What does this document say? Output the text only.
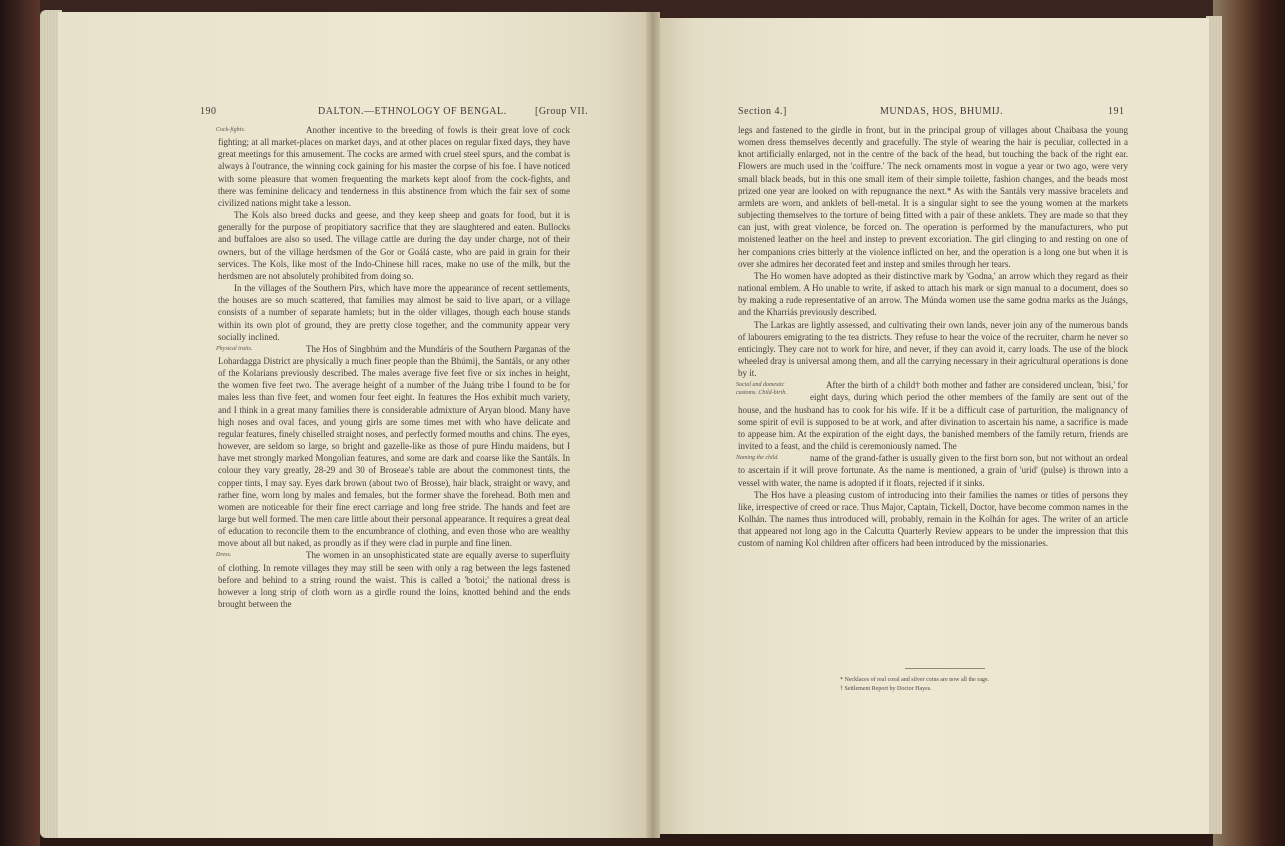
190	DALTON.—ETHNOLOGY OF BENGAL.	[Group VII.

Cock-fights.	Another incentive to the breeding of fowls is their great love of cock fighting; at all market-places on market days, and at other places on regular fixed days, they have great meetings for this amusement. The cocks are armed with cruel steel spurs, and the combat is always à l'outrance, the winning cock gaining for his master the corpse of his foe. I have noticed with some pleasure that women frequenting the markets kept aloof from the cock-fights, and there was feminine delicacy and tenderness in this abstinence from which the fair sex of some civilized nations might take a lesson.

The Kols also breed ducks and geese, and they keep sheep and goats for food, but it is generally for the purpose of propitiatory sacrifice that they are slaughtered and eaten. Bullocks and buffaloes are also so used. The village cattle are during the day under charge, not of their owners, but of the village herdsmen of the Gor or Goálá caste, who are paid in grain for their services. The Kols, like most of the Indo-Chinese hill races, make no use of the milk, but the herdsmen are not absolutely prohibited from doing so.

In the villages of the Southern Pirs, which have more the appearance of recent settlements, the houses are so much scattered, that families may almost be said to live apart, or a village consists of a number of separate hamlets; but in the older villages, though each house stands within its own plot of ground, they are pretty close together, and the community appear very socially inclined.

Physical traits.	The Hos of Singbhúm and the Mundáris of the Southern Parganas of the Lohardagga District are physically a much finer people than the Bhúmij, the Santáls, or any other of the Kolarians previously described. The males average five feet five or six inches in height, the women five feet two. The average height of a number of the Juáng tribe I found to be for males less than five feet, and women four feet eight. In features the Hos exhibit much variety, and I think in a great many families there is considerable admixture of Aryan blood. Many have high noses and oval faces, and young girls are some times met with who have delicate and regular features, finely chiselled straight noses, and perfectly formed mouths and chins. The eyes, however, are seldom so large, so bright and gazelle-like as those of pure Hindu maidens, but I have met strongly marked Mongolian features, and some are dark and coarse like the Santáls. In colour they vary greatly, 28-29 and 30 of Broseae's table are about the commonest tints, the copper tints, I may say. Eyes dark brown (about two of Brosse), hair black, straight or wavy, and rather fine, worn long by males and females, but the former shave the forehead. Both men and women are noticeable for their fine erect carriage and long free stride. The hands and feet are large but well formed. The men care little about their personal appearance. It requires a great deal of education to reconcile them to the encumbrance of clothing, and even those who are wealthy move about all but naked, as proudly as if they were clad in purple and fine linen.

Dress.	The women in an unsophisticated state are equally averse to superfluity of clothing. In remote villages they may still be seen with only a rag between the legs fastened before and behind to a string round the waist. This is called a 'botoi;' the national dress is however a long strip of cloth worn as a girdle round the loins, knotted behind and the ends brought between the

Section 4.]	MUNDAS, HOS, BHUMIJ.	191

legs and fastened to the girdle in front, but in the principal group of villages about Chaibasa the young women dress themselves decently and gracefully. The style of wearing the hair is peculiar, collected in a knot artificially enlarged, not in the centre of the back of the head, but touching the back of the right ear. Flowers are much used in the 'coiffure.' The neck ornaments most in vogue a year or two ago, were very small black beads, but in this one small item of their simple toilette, fashion changes, and the beads most prized one year are looked on with repugnance the next.* As with the Santáls very massive bracelets and armlets are worn, and anklets of bell-metal. It is a singular sight to see the young women at the markets subjecting themselves to the torture of being fitted with a pair of these anklets. They are made so that they can just, with great violence, be forced on. The operation is performed by the manufacturers, who put moistened leather on the heel and instep to prevent excoriation. The girl clinging to and resting on one of her companions cries bitterly at the violence inflicted on her, and the operation is a long one but when it is over she admires her decorated feet and instep and smiles through her tears.

The Ho women have adopted as their distinctive mark by 'Godna,' an arrow which they regard as their national emblem. A Ho unable to write, if asked to attach his mark or sign manual to a document, does so by making a rude representative of an arrow. The Múnda women use the same godna marks as the Juángs, and the Kharriás previously described.

The Larkas are lightly assessed, and cultivating their own lands, never join any of the numerous bands of labourers emigrating to the tea districts. They refuse to hear the voice of the recruiter, charm he never so enticingly. They care not to work for hire, and never, if they can avoid it, carry loads. The use of the block wheeled dray is universal among them, and all the carrying necessary in their agricultural operations is done by it.

Social and domestic customs. Child-birth.
After the birth of a child† both mother and father are considered unclean, 'bisi,' for eight days, during which period the other members of the family are sent out of the house, and the husband has to cook for his wife. If it be a difficult case of parturition, the malignancy of some spirit of evil is supposed to be at work, and after divination to ascertain his name, a sacrifice is made to appease him. At the expiration of the eight days, the banished members of the family return, friends are invited to a feast, and the child is ceremoniously named. The

Naming the child.	name of the grand-father is usually given to the first born son, but not without an ordeal to ascertain if it will prove fortunate. As the name is mentioned, a grain of 'urid' (pulse) is thrown into a vessel with water, the name is adopted if it floats, rejected if it sinks.

The Hos have a pleasing custom of introducing into their families the names or titles of persons they like, irrespective of creed or race. Thus Major, Captain, Tickell, Doctor, have become common names in the Kolhán. The names thus introduced will, probably, remain in the Kolhán for ages. The writer of an article that appeared not long ago in the Calcutta Quarterly Review appears to be under the impression that this custom of naming Kol children after officers had been introduced by the missionaries.

* Necklaces of real coral and silver coins are now all the rage.
† Settlement Report by Doctor Hayes.
